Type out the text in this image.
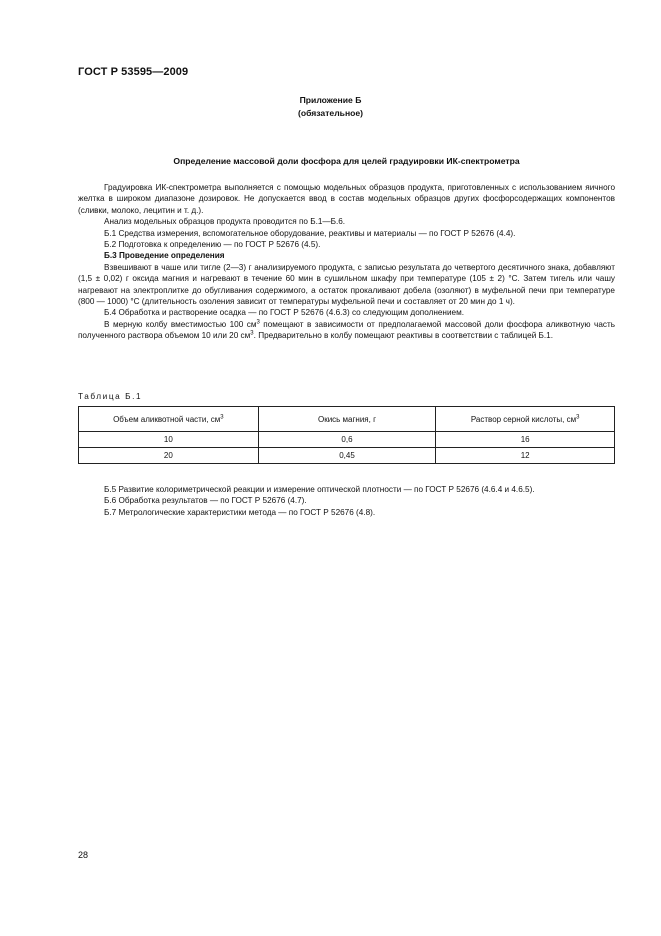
ГОСТ Р 53595—2009
Приложение Б
(обязательное)
Определение массовой доли фосфора для целей градуировки ИК-спектрометра

Градуировка ИК-спектрометра выполняется с помощью модельных образцов продукта, приготовленных с использованием яичного желтка в широком диапазоне дозировок. Не допускается ввод в состав модельных образцов других фосфорсодержащих компонентов (сливки, молоко, лецитин и т. д.).

Анализ модельных образцов продукта проводится по Б.1—Б.6.

Б.1 Средства измерения, вспомогательное оборудование, реактивы и материалы — по ГОСТ Р 52676 (4.4).

Б.2 Подготовка к определению — по ГОСТ Р 52676 (4.5).

Б.3 Проведение определения

Взвешивают в чаше или тигле (2—3) г анализируемого продукта, с записью результата до четвертого десятичного знака, добавляют (1,5 ± 0,02) г оксида магния и нагревают в течение 60 мин в сушильном шкафу при температуре (105 ± 2) °С. Затем тигель или чашу нагревают на электроплитке до обугливания содержимого, а остаток прокаливают добела (озоляют) в муфельной печи при температуре (800 — 1000) °С (длительность озоления зависит от температуры муфельной печи и составляет от 20 мин до 1 ч).

Б.4 Обработка и растворение осадка — по ГОСТ Р 52676 (4.6.3) со следующим дополнением.

В мерную колбу вместимостью 100 $см^3$ помещают в зависимости от предполагаемой массовой доли фосфора аликвотную часть полученного раствора объемом 10 или 20 $см^3$. Предварительно в колбу помещают реактивы в соответствии с таблицей Б.1.

Таблица Б.1
Объем аликвотной части, $см^3$	Окись магния, г	Раствор серной кислоты, $см^3$
10	0,6	16
20	0,45	12

Б.5 Развитие колориметрической реакции и измерение оптической плотности — по ГОСТ Р 52676 (4.6.4 и 4.6.5).

Б.6 Обработка результатов — по ГОСТ Р 52676 (4.7).

Б.7 Метрологические характеристики метода — по ГОСТ Р 52676 (4.8).

28
